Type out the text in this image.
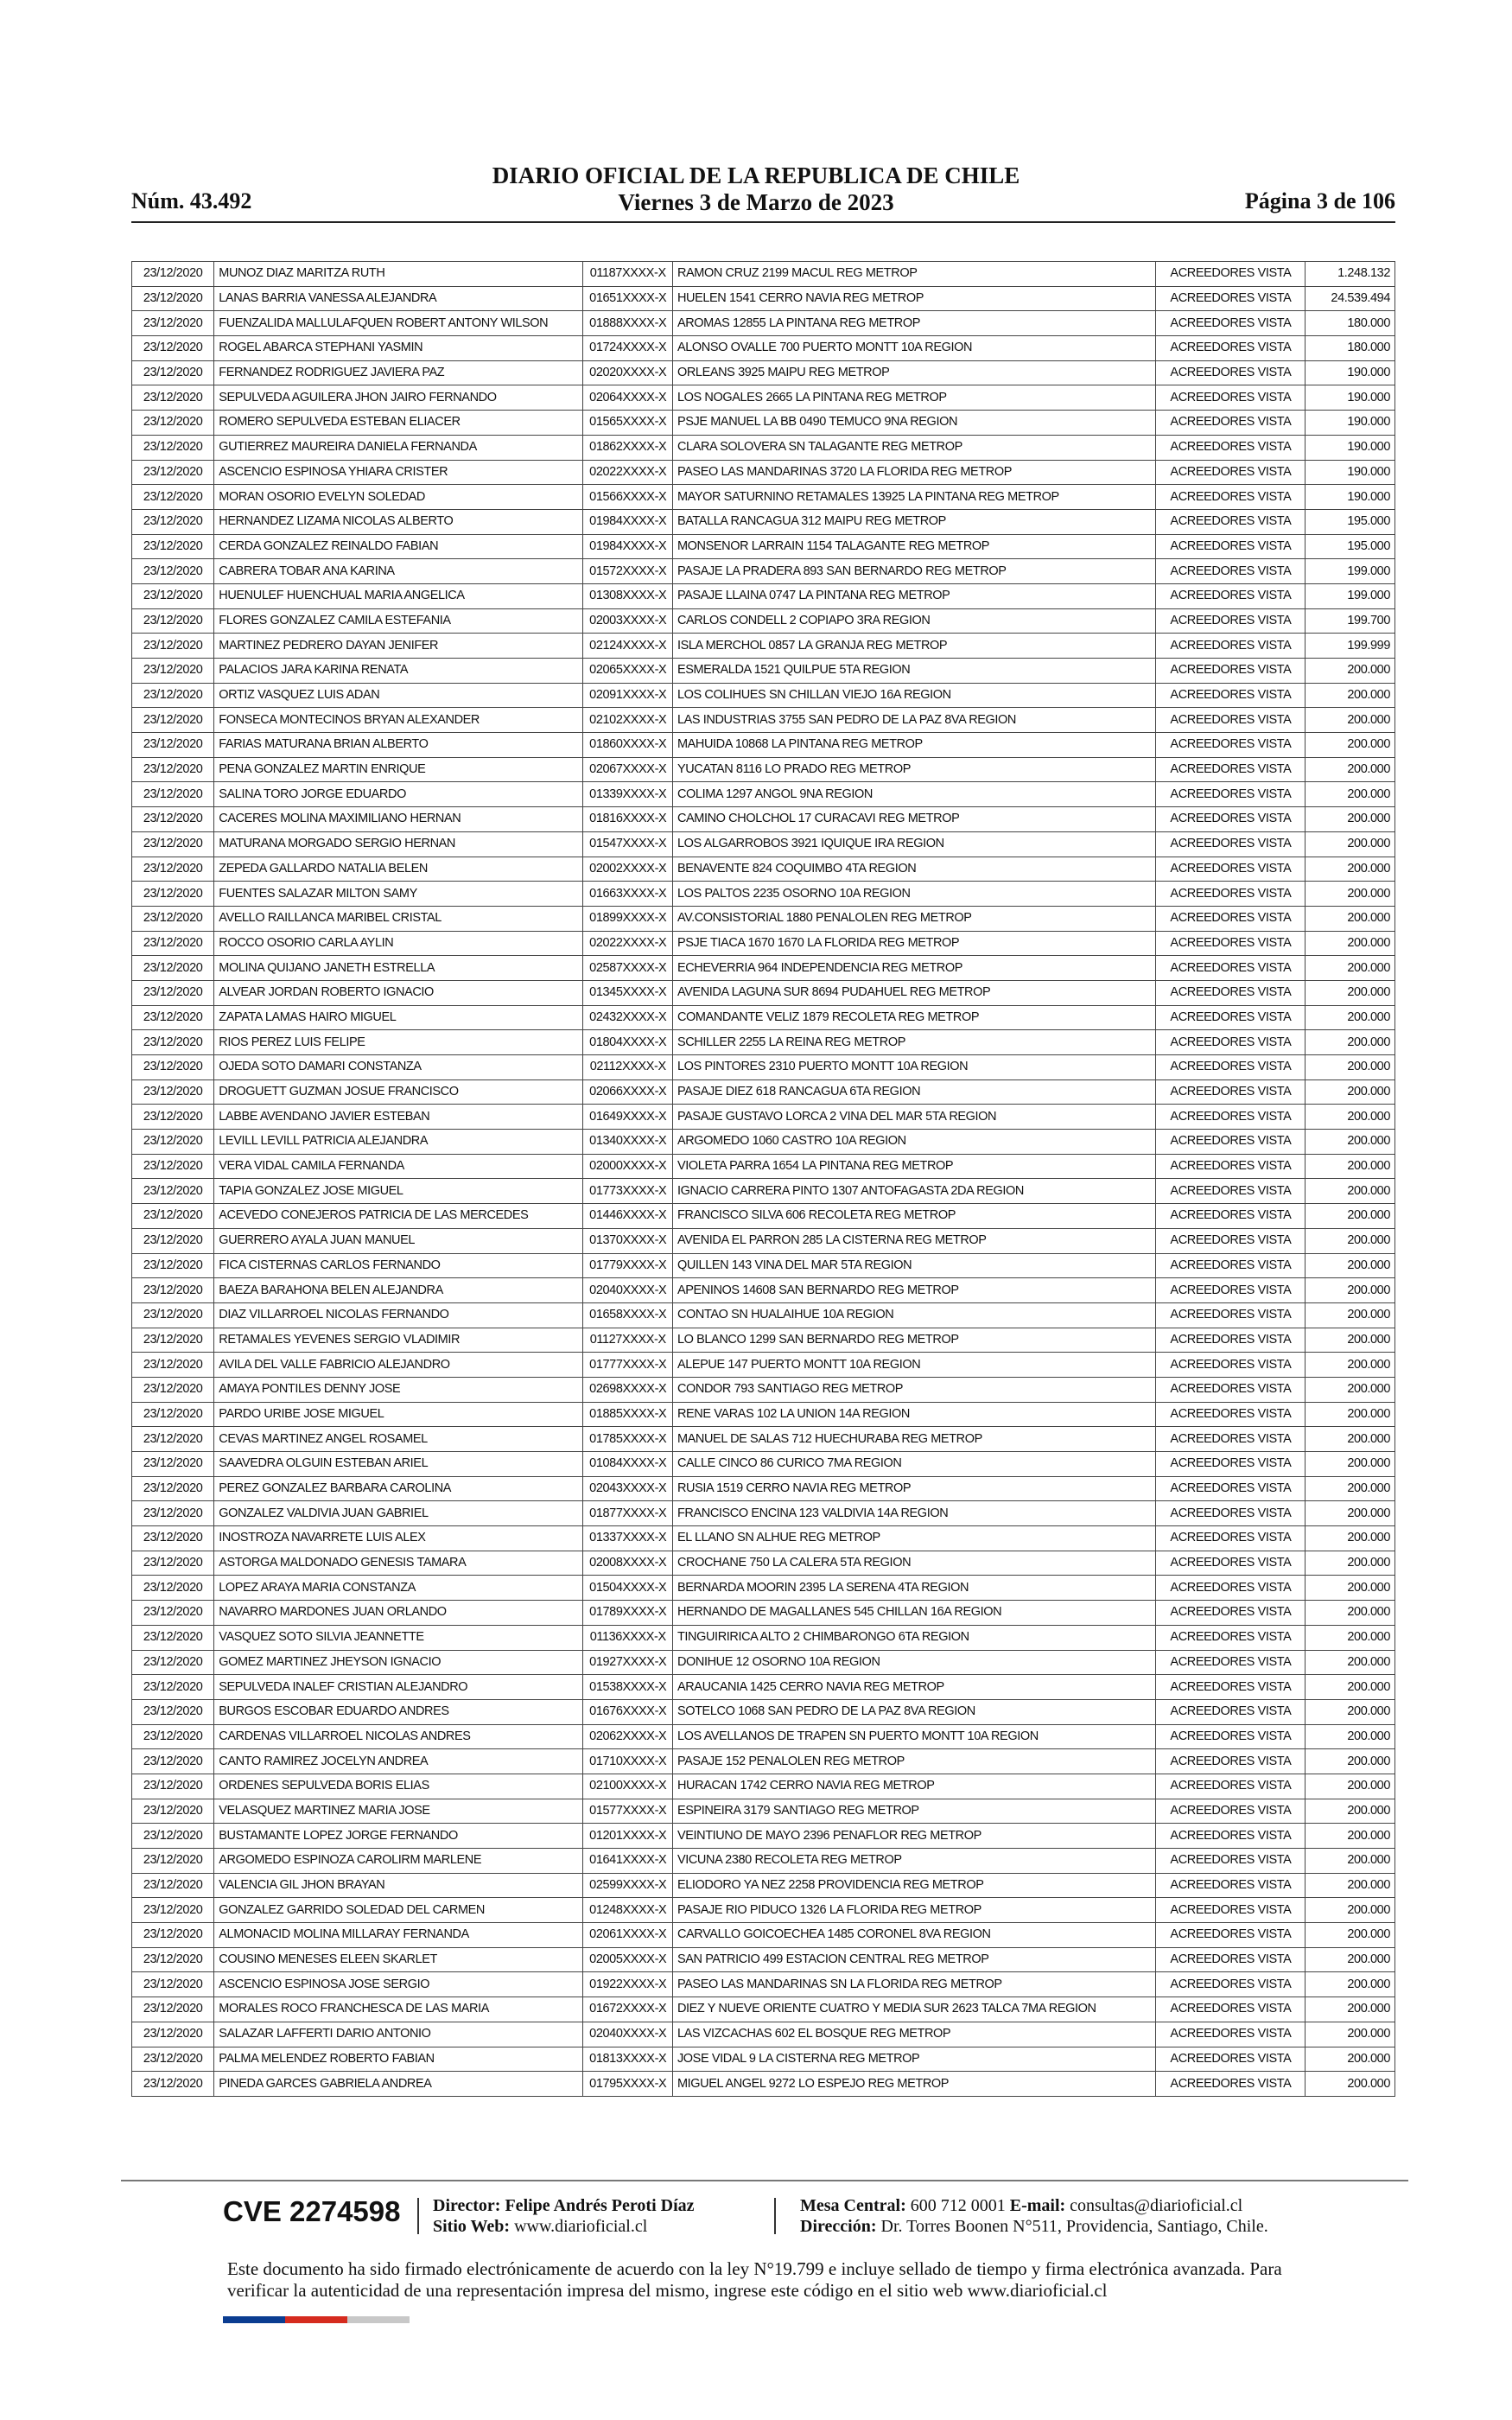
Núm. 43.492
DIARIO OFICIAL DE LA REPUBLICA DE CHILE
Viernes 3 de Marzo de 2023	Página 3 de 106
23/12/2020	MUNOZ DIAZ MARITZA RUTH	01187XXXX-X	RAMON CRUZ 2199 MACUL REG METROP	ACREEDORES VISTA	1.248.132
23/12/2020	LANAS BARRIA VANESSA ALEJANDRA	01651XXXX-X	HUELEN 1541 CERRO NAVIA REG METROP	ACREEDORES VISTA	24.539.494
23/12/2020	FUENZALIDA MALLULAFQUEN ROBERT ANTONY WILSON	01888XXXX-X	AROMAS 12855 LA PINTANA REG METROP	ACREEDORES VISTA	180.000
23/12/2020	ROGEL ABARCA STEPHANI YASMIN	01724XXXX-X	ALONSO OVALLE 700 PUERTO MONTT 10A REGION	ACREEDORES VISTA	180.000
23/12/2020	FERNANDEZ RODRIGUEZ JAVIERA PAZ	02020XXXX-X	ORLEANS 3925 MAIPU REG METROP	ACREEDORES VISTA	190.000
23/12/2020	SEPULVEDA AGUILERA JHON JAIRO FERNANDO	02064XXXX-X	LOS NOGALES 2665 LA PINTANA REG METROP	ACREEDORES VISTA	190.000
23/12/2020	ROMERO SEPULVEDA ESTEBAN ELIACER	01565XXXX-X	PSJE MANUEL LA BB 0490 TEMUCO 9NA REGION	ACREEDORES VISTA	190.000
23/12/2020	GUTIERREZ MAUREIRA DANIELA FERNANDA	01862XXXX-X	CLARA SOLOVERA SN TALAGANTE REG METROP	ACREEDORES VISTA	190.000
23/12/2020	ASCENCIO ESPINOSA YHIARA CRISTER	02022XXXX-X	PASEO LAS MANDARINAS 3720 LA FLORIDA REG METROP	ACREEDORES VISTA	190.000
23/12/2020	MORAN OSORIO EVELYN SOLEDAD	01566XXXX-X	MAYOR SATURNINO RETAMALES 13925 LA PINTANA REG METROP	ACREEDORES VISTA	190.000
23/12/2020	HERNANDEZ LIZAMA NICOLAS ALBERTO	01984XXXX-X	BATALLA RANCAGUA 312 MAIPU REG METROP	ACREEDORES VISTA	195.000
23/12/2020	CERDA GONZALEZ REINALDO FABIAN	01984XXXX-X	MONSENOR LARRAIN 1154 TALAGANTE REG METROP	ACREEDORES VISTA	195.000
23/12/2020	CABRERA TOBAR ANA KARINA	01572XXXX-X	PASAJE LA PRADERA 893 SAN BERNARDO REG METROP	ACREEDORES VISTA	199.000
23/12/2020	HUENULEF HUENCHUAL MARIA ANGELICA	01308XXXX-X	PASAJE LLAINA 0747 LA PINTANA REG METROP	ACREEDORES VISTA	199.000
23/12/2020	FLORES GONZALEZ CAMILA ESTEFANIA	02003XXXX-X	CARLOS CONDELL 2 COPIAPO 3RA REGION	ACREEDORES VISTA	199.700
23/12/2020	MARTINEZ PEDRERO DAYAN JENIFER	02124XXXX-X	ISLA MERCHOL 0857 LA GRANJA REG METROP	ACREEDORES VISTA	199.999
23/12/2020	PALACIOS JARA KARINA RENATA	02065XXXX-X	ESMERALDA 1521 QUILPUE 5TA REGION	ACREEDORES VISTA	200.000
23/12/2020	ORTIZ VASQUEZ LUIS ADAN	02091XXXX-X	LOS COLIHUES SN CHILLAN VIEJO 16A REGION	ACREEDORES VISTA	200.000
23/12/2020	FONSECA MONTECINOS BRYAN ALEXANDER	02102XXXX-X	LAS INDUSTRIAS 3755 SAN PEDRO DE LA PAZ 8VA REGION	ACREEDORES VISTA	200.000
23/12/2020	FARIAS MATURANA BRIAN ALBERTO	01860XXXX-X	MAHUIDA 10868 LA PINTANA REG METROP	ACREEDORES VISTA	200.000
23/12/2020	PENA GONZALEZ MARTIN ENRIQUE	02067XXXX-X	YUCATAN 8116 LO PRADO REG METROP	ACREEDORES VISTA	200.000
23/12/2020	SALINA TORO JORGE EDUARDO	01339XXXX-X	COLIMA 1297 ANGOL 9NA REGION	ACREEDORES VISTA	200.000
23/12/2020	CACERES MOLINA MAXIMILIANO HERNAN	01816XXXX-X	CAMINO CHOLCHOL 17 CURACAVI REG METROP	ACREEDORES VISTA	200.000
23/12/2020	MATURANA MORGADO SERGIO HERNAN	01547XXXX-X	LOS ALGARROBOS 3921 IQUIQUE IRA REGION	ACREEDORES VISTA	200.000
23/12/2020	ZEPEDA GALLARDO NATALIA BELEN	02002XXXX-X	BENAVENTE 824 COQUIMBO 4TA REGION	ACREEDORES VISTA	200.000
23/12/2020	FUENTES SALAZAR MILTON SAMY	01663XXXX-X	LOS PALTOS 2235 OSORNO 10A REGION	ACREEDORES VISTA	200.000
23/12/2020	AVELLO RAILLANCA MARIBEL CRISTAL	01899XXXX-X	AV.CONSISTORIAL 1880 PENALOLEN REG METROP	ACREEDORES VISTA	200.000
23/12/2020	ROCCO OSORIO CARLA AYLIN	02022XXXX-X	PSJE TIACA 1670 1670 LA FLORIDA REG METROP	ACREEDORES VISTA	200.000
23/12/2020	MOLINA QUIJANO JANETH ESTRELLA	02587XXXX-X	ECHEVERRIA 964 INDEPENDENCIA REG METROP	ACREEDORES VISTA	200.000
23/12/2020	ALVEAR JORDAN ROBERTO IGNACIO	01345XXXX-X	AVENIDA LAGUNA SUR 8694 PUDAHUEL REG METROP	ACREEDORES VISTA	200.000
23/12/2020	ZAPATA LAMAS HAIRO MIGUEL	02432XXXX-X	COMANDANTE VELIZ 1879 RECOLETA REG METROP	ACREEDORES VISTA	200.000
23/12/2020	RIOS PEREZ LUIS FELIPE	01804XXXX-X	SCHILLER 2255 LA REINA REG METROP	ACREEDORES VISTA	200.000
23/12/2020	OJEDA SOTO DAMARI CONSTANZA	02112XXXX-X	LOS PINTORES 2310 PUERTO MONTT 10A REGION	ACREEDORES VISTA	200.000
23/12/2020	DROGUETT GUZMAN JOSUE FRANCISCO	02066XXXX-X	PASAJE DIEZ 618 RANCAGUA 6TA REGION	ACREEDORES VISTA	200.000
23/12/2020	LABBE AVENDANO JAVIER ESTEBAN	01649XXXX-X	PASAJE GUSTAVO LORCA 2 VINA DEL MAR 5TA REGION	ACREEDORES VISTA	200.000
23/12/2020	LEVILL LEVILL PATRICIA ALEJANDRA	01340XXXX-X	ARGOMEDO 1060 CASTRO 10A REGION	ACREEDORES VISTA	200.000
23/12/2020	VERA VIDAL CAMILA FERNANDA	02000XXXX-X	VIOLETA PARRA 1654 LA PINTANA REG METROP	ACREEDORES VISTA	200.000
23/12/2020	TAPIA GONZALEZ JOSE MIGUEL	01773XXXX-X	IGNACIO CARRERA PINTO 1307 ANTOFAGASTA 2DA REGION	ACREEDORES VISTA	200.000
23/12/2020	ACEVEDO CONEJEROS PATRICIA DE LAS MERCEDES	01446XXXX-X	FRANCISCO SILVA 606 RECOLETA REG METROP	ACREEDORES VISTA	200.000
23/12/2020	GUERRERO AYALA JUAN MANUEL	01370XXXX-X	AVENIDA EL PARRON 285 LA CISTERNA REG METROP	ACREEDORES VISTA	200.000
23/12/2020	FICA CISTERNAS CARLOS FERNANDO	01779XXXX-X	QUILLEN 143 VINA DEL MAR 5TA REGION	ACREEDORES VISTA	200.000
23/12/2020	BAEZA BARAHONA BELEN ALEJANDRA	02040XXXX-X	APENINOS 14608 SAN BERNARDO REG METROP	ACREEDORES VISTA	200.000
23/12/2020	DIAZ VILLARROEL NICOLAS FERNANDO	01658XXXX-X	CONTAO SN HUALAIHUE 10A REGION	ACREEDORES VISTA	200.000
23/12/2020	RETAMALES YEVENES SERGIO VLADIMIR	01127XXXX-X	LO BLANCO 1299 SAN BERNARDO REG METROP	ACREEDORES VISTA	200.000
23/12/2020	AVILA DEL VALLE FABRICIO ALEJANDRO	01777XXXX-X	ALEPUE 147 PUERTO MONTT 10A REGION	ACREEDORES VISTA	200.000
23/12/2020	AMAYA PONTILES DENNY JOSE	02698XXXX-X	CONDOR 793 SANTIAGO REG METROP	ACREEDORES VISTA	200.000
23/12/2020	PARDO URIBE JOSE MIGUEL	01885XXXX-X	RENE VARAS 102 LA UNION 14A REGION	ACREEDORES VISTA	200.000
23/12/2020	CEVAS MARTINEZ ANGEL ROSAMEL	01785XXXX-X	MANUEL DE SALAS 712 HUECHURABA REG METROP	ACREEDORES VISTA	200.000
23/12/2020	SAAVEDRA OLGUIN ESTEBAN ARIEL	01084XXXX-X	CALLE CINCO 86 CURICO 7MA REGION	ACREEDORES VISTA	200.000
23/12/2020	PEREZ GONZALEZ BARBARA CAROLINA	02043XXXX-X	RUSIA 1519 CERRO NAVIA REG METROP	ACREEDORES VISTA	200.000
23/12/2020	GONZALEZ VALDIVIA JUAN GABRIEL	01877XXXX-X	FRANCISCO ENCINA 123 VALDIVIA 14A REGION	ACREEDORES VISTA	200.000
23/12/2020	INOSTROZA NAVARRETE LUIS ALEX	01337XXXX-X	EL LLANO SN ALHUE REG METROP	ACREEDORES VISTA	200.000
23/12/2020	ASTORGA MALDONADO GENESIS TAMARA	02008XXXX-X	CROCHANE 750 LA CALERA 5TA REGION	ACREEDORES VISTA	200.000
23/12/2020	LOPEZ ARAYA MARIA CONSTANZA	01504XXXX-X	BERNARDA MOORIN 2395 LA SERENA 4TA REGION	ACREEDORES VISTA	200.000
23/12/2020	NAVARRO MARDONES JUAN ORLANDO	01789XXXX-X	HERNANDO DE MAGALLANES 545 CHILLAN 16A REGION	ACREEDORES VISTA	200.000
23/12/2020	VASQUEZ SOTO SILVIA JEANNETTE	01136XXXX-X	TINGUIRIRICA ALTO 2 CHIMBARONGO 6TA REGION	ACREEDORES VISTA	200.000
23/12/2020	GOMEZ MARTINEZ JHEYSON IGNACIO	01927XXXX-X	DONIHUE 12 OSORNO 10A REGION	ACREEDORES VISTA	200.000
23/12/2020	SEPULVEDA INALEF CRISTIAN ALEJANDRO	01538XXXX-X	ARAUCANIA 1425 CERRO NAVIA REG METROP	ACREEDORES VISTA	200.000
23/12/2020	BURGOS ESCOBAR EDUARDO ANDRES	01676XXXX-X	SOTELCO 1068 SAN PEDRO DE LA PAZ 8VA REGION	ACREEDORES VISTA	200.000
23/12/2020	CARDENAS VILLARROEL NICOLAS ANDRES	02062XXXX-X	LOS AVELLANOS DE TRAPEN SN PUERTO MONTT 10A REGION	ACREEDORES VISTA	200.000
23/12/2020	CANTO RAMIREZ JOCELYN ANDREA	01710XXXX-X	PASAJE 152 PENALOLEN REG METROP	ACREEDORES VISTA	200.000
23/12/2020	ORDENES SEPULVEDA BORIS ELIAS	02100XXXX-X	HURACAN 1742 CERRO NAVIA REG METROP	ACREEDORES VISTA	200.000
23/12/2020	VELASQUEZ MARTINEZ MARIA JOSE	01577XXXX-X	ESPINEIRA 3179 SANTIAGO REG METROP	ACREEDORES VISTA	200.000
23/12/2020	BUSTAMANTE LOPEZ JORGE FERNANDO	01201XXXX-X	VEINTIUNO DE MAYO 2396 PENAFLOR REG METROP	ACREEDORES VISTA	200.000
23/12/2020	ARGOMEDO ESPINOZA CAROLIRM MARLENE	01641XXXX-X	VICUNA 2380 RECOLETA REG METROP	ACREEDORES VISTA	200.000
23/12/2020	VALENCIA GIL JHON BRAYAN	02599XXXX-X	ELIODORO YA NEZ 2258 PROVIDENCIA REG METROP	ACREEDORES VISTA	200.000
23/12/2020	GONZALEZ GARRIDO SOLEDAD DEL CARMEN	01248XXXX-X	PASAJE RIO PIDUCO 1326 LA FLORIDA REG METROP	ACREEDORES VISTA	200.000
23/12/2020	ALMONACID MOLINA MILLARAY FERNANDA	02061XXXX-X	CARVALLO GOICOECHEA 1485 CORONEL 8VA REGION	ACREEDORES VISTA	200.000
23/12/2020	COUSINO MENESES ELEEN SKARLET	02005XXXX-X	SAN PATRICIO 499 ESTACION CENTRAL REG METROP	ACREEDORES VISTA	200.000
23/12/2020	ASCENCIO ESPINOSA JOSE SERGIO	01922XXXX-X	PASEO LAS MANDARINAS SN LA FLORIDA REG METROP	ACREEDORES VISTA	200.000
23/12/2020	MORALES ROCO FRANCHESCA DE LAS MARIA	01672XXXX-X	DIEZ Y NUEVE ORIENTE CUATRO Y MEDIA SUR 2623 TALCA 7MA REGION	ACREEDORES VISTA	200.000
23/12/2020	SALAZAR LAFFERTI DARIO ANTONIO	02040XXXX-X	LAS VIZCACHAS 602 EL BOSQUE REG METROP	ACREEDORES VISTA	200.000
23/12/2020	PALMA MELENDEZ ROBERTO FABIAN	01813XXXX-X	JOSE VIDAL 9 LA CISTERNA REG METROP	ACREEDORES VISTA	200.000
23/12/2020	PINEDA GARCES GABRIELA ANDREA	01795XXXX-X	MIGUEL ANGEL 9272 LO ESPEJO REG METROP	ACREEDORES VISTA	200.000
CVE 2274598 Director: Felipe Andrés Peroti Díaz
Sitio Web: www.diarioficial.cl
Mesa Central: 600 712 0001 E-mail: consultas@diarioficial.cl
Dirección: Dr. Torres Boonen N°511, Providencia, Santiago, Chile.
Este documento ha sido firmado electrónicamente de acuerdo con la ley N°19.799 e incluye sellado de tiempo y firma electrónica avanzada. Para verificar la autenticidad de una representación impresa del mismo, ingrese este código en el sitio web www.diarioficial.cl
